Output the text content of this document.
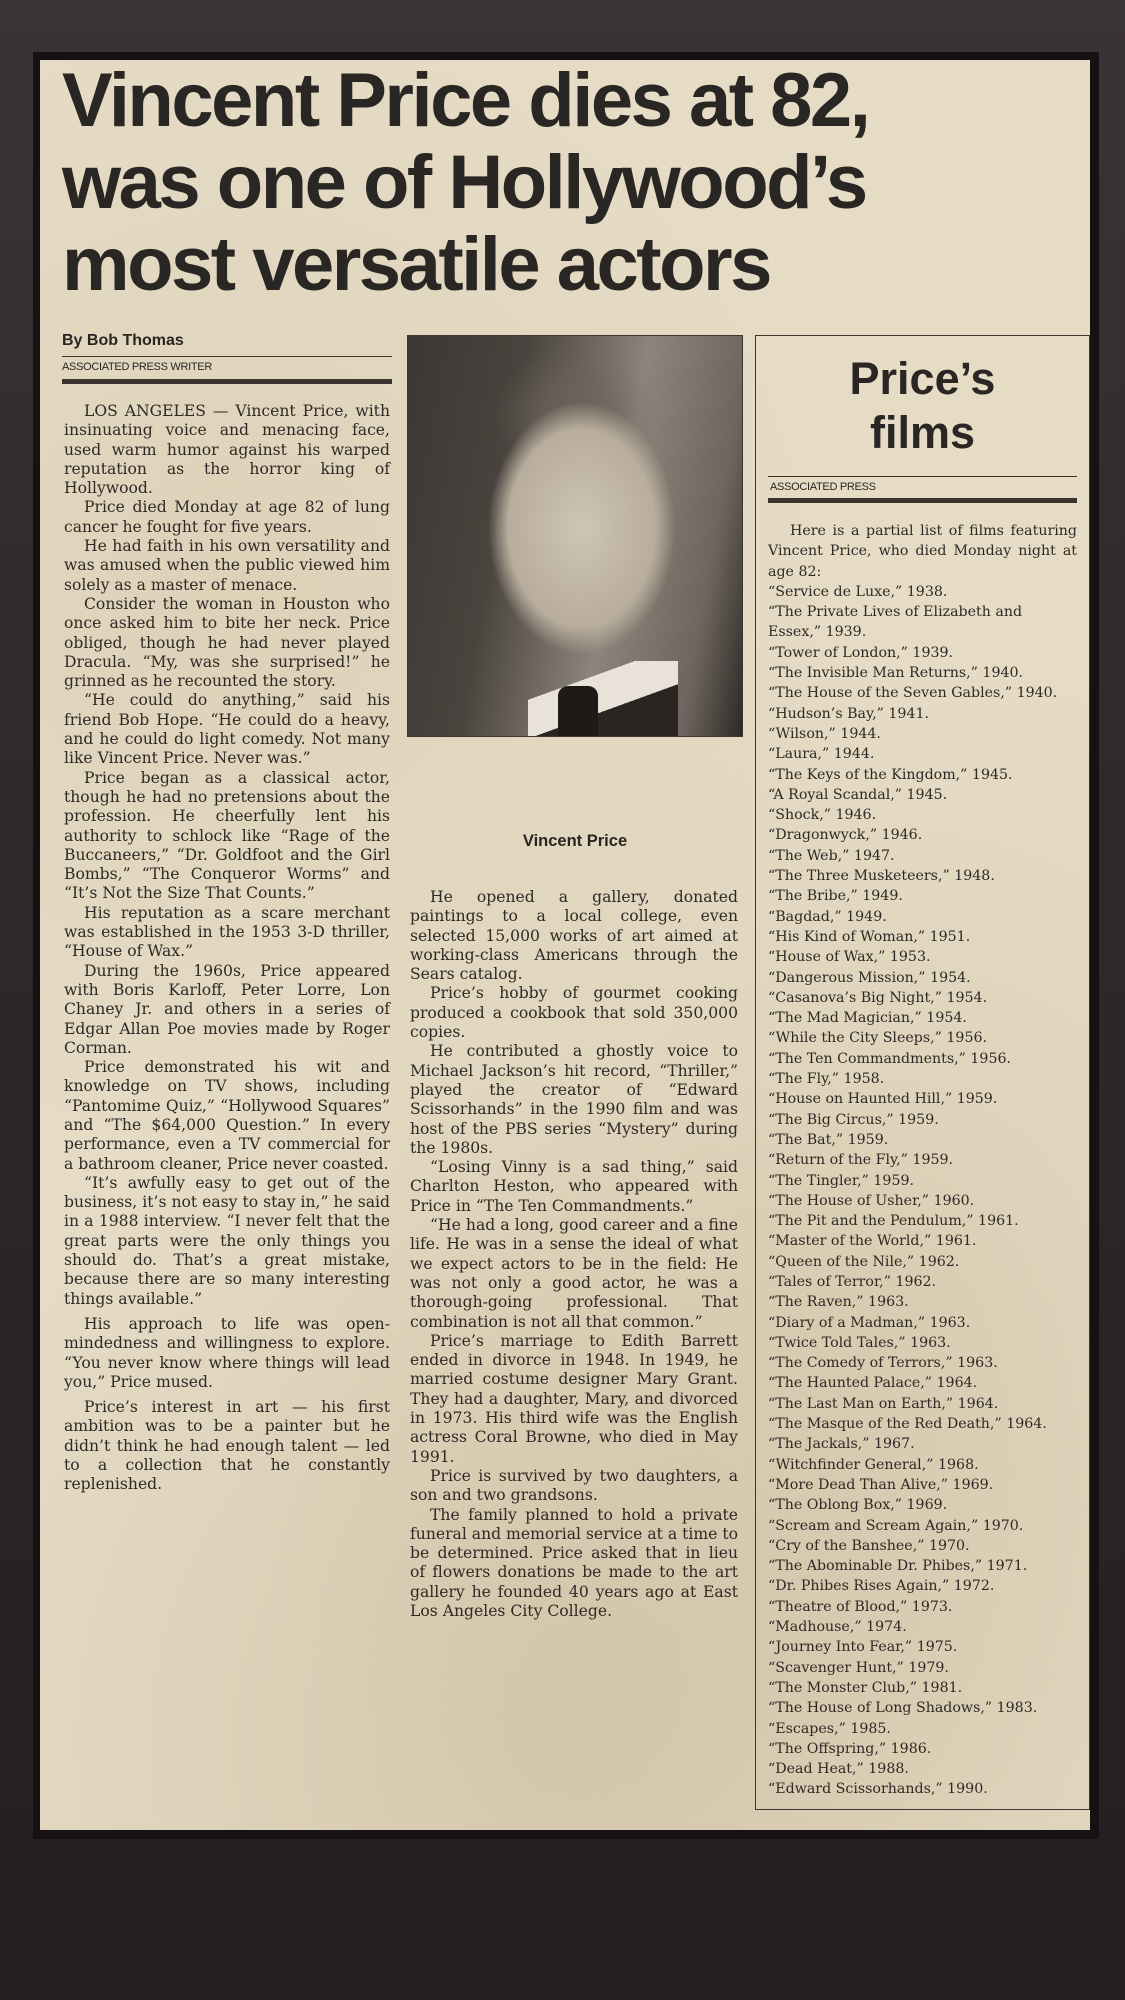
Vincent Price dies at 82,
was one of Hollywood’s
most versatile actors
By Bob Thomas
ASSOCIATED PRESS WRITER

LOS ANGELES — Vincent Price, with insinuating voice and menacing face, used warm humor against his warped reputation as the horror king of Hollywood.

Price died Monday at age 82 of lung cancer he fought for five years.

He had faith in his own versatility and was amused when the public viewed him solely as a master of menace.

Consider the woman in Houston who once asked him to bite her neck. Price obliged, though he had never played Dracula. “My, was she surprised!” he grinned as he recounted the story.

“He could do anything,” said his friend Bob Hope. “He could do a heavy, and he could do light comedy. Not many like Vincent Price. Never was.”

Price began as a classical actor, though he had no pretensions about the profession. He cheerfully lent his authority to schlock like “Rage of the Buccaneers,” “Dr. Goldfoot and the Girl Bombs,” “The Conqueror Worms” and “It’s Not the Size That Counts.”

His reputation as a scare merchant was established in the 1953 3-D thriller, “House of Wax.”

During the 1960s, Price appeared with Boris Karloff, Peter Lorre, Lon Chaney Jr. and others in a series of Edgar Allan Poe movies made by Roger Corman.

Price demonstrated his wit and knowledge on TV shows, including “Pantomime Quiz,” “Hollywood Squares” and “The $64,000 Question.” In every performance, even a TV commercial for a bathroom cleaner, Price never coasted.

“It’s awfully easy to get out of the business, it’s not easy to stay in,” he said in a 1988 interview. “I never felt that the great parts were the only things you should do. That’s a great mistake, because there are so many interesting things available.”

His approach to life was open-mindedness and willingness to explore. “You never know where things will lead you,” Price mused.

Price’s interest in art — his first ambition was to be a painter but he didn’t think he had enough talent — led to a collection that he constantly replenished.

Vincent Price

He opened a gallery, donated paintings to a local college, even selected 15,000 works of art aimed at working-class Americans through the Sears catalog.

Price’s hobby of gourmet cooking produced a cookbook that sold 350,000 copies.

He contributed a ghostly voice to Michael Jackson’s hit record, “Thriller,” played the creator of “Edward Scissorhands” in the 1990 film and was host of the PBS series “Mystery” during the 1980s.

“Losing Vinny is a sad thing,” said Charlton Heston, who appeared with Price in “The Ten Commandments.”

“He had a long, good career and a fine life. He was in a sense the ideal of what we expect actors to be in the field: He was not only a good actor, he was a thorough-going professional. That combination is not all that common.”

Price’s marriage to Edith Barrett ended in divorce in 1948. In 1949, he married costume designer Mary Grant. They had a daughter, Mary, and divorced in 1973. His third wife was the English actress Coral Browne, who died in May 1991.

Price is survived by two daughters, a son and two grandsons.

The family planned to hold a private funeral and memorial service at a time to be determined. Price asked that in lieu of flowers donations be made to the art gallery he founded 40 years ago at East Los Angeles City College.

Price’s
films
ASSOCIATED PRESS

Here is a partial list of films featuring Vincent Price, who died Monday night at age 82:

“Service de Luxe,” 1938.
“The Private Lives of Elizabeth and Essex,” 1939.
“Tower of London,” 1939.
“The Invisible Man Returns,” 1940.
“The House of the Seven Gables,” 1940.
“Hudson’s Bay,” 1941.
“Wilson,” 1944.
“Laura,” 1944.
“The Keys of the Kingdom,” 1945.
“A Royal Scandal,” 1945.
“Shock,” 1946.
“Dragonwyck,” 1946.
“The Web,” 1947.
“The Three Musketeers,” 1948.
“The Bribe,” 1949.
“Bagdad,” 1949.
“His Kind of Woman,” 1951.
“House of Wax,” 1953.
“Dangerous Mission,” 1954.
“Casanova’s Big Night,” 1954.
“The Mad Magician,” 1954.
“While the City Sleeps,” 1956.
“The Ten Commandments,” 1956.
“The Fly,” 1958.
“House on Haunted Hill,” 1959.
“The Big Circus,” 1959.
“The Bat,” 1959.
“Return of the Fly,” 1959.
“The Tingler,” 1959.
“The House of Usher,” 1960.
“The Pit and the Pendulum,” 1961.
“Master of the World,” 1961.
“Queen of the Nile,” 1962.
“Tales of Terror,” 1962.
“The Raven,” 1963.
“Diary of a Madman,” 1963.
“Twice Told Tales,” 1963.
“The Comedy of Terrors,” 1963.
“The Haunted Palace,” 1964.
“The Last Man on Earth,” 1964.
“The Masque of the Red Death,” 1964.
“The Jackals,” 1967.
“Witchfinder General,” 1968.
“More Dead Than Alive,” 1969.
“The Oblong Box,” 1969.
“Scream and Scream Again,” 1970.
“Cry of the Banshee,” 1970.
“The Abominable Dr. Phibes,” 1971.
“Dr. Phibes Rises Again,” 1972.
“Theatre of Blood,” 1973.
“Madhouse,” 1974.
“Journey Into Fear,” 1975.
“Scavenger Hunt,” 1979.
“The Monster Club,” 1981.
“The House of Long Shadows,” 1983.
“Escapes,” 1985.
“The Offspring,” 1986.
“Dead Heat,” 1988.
“Edward Scissorhands,” 1990.
